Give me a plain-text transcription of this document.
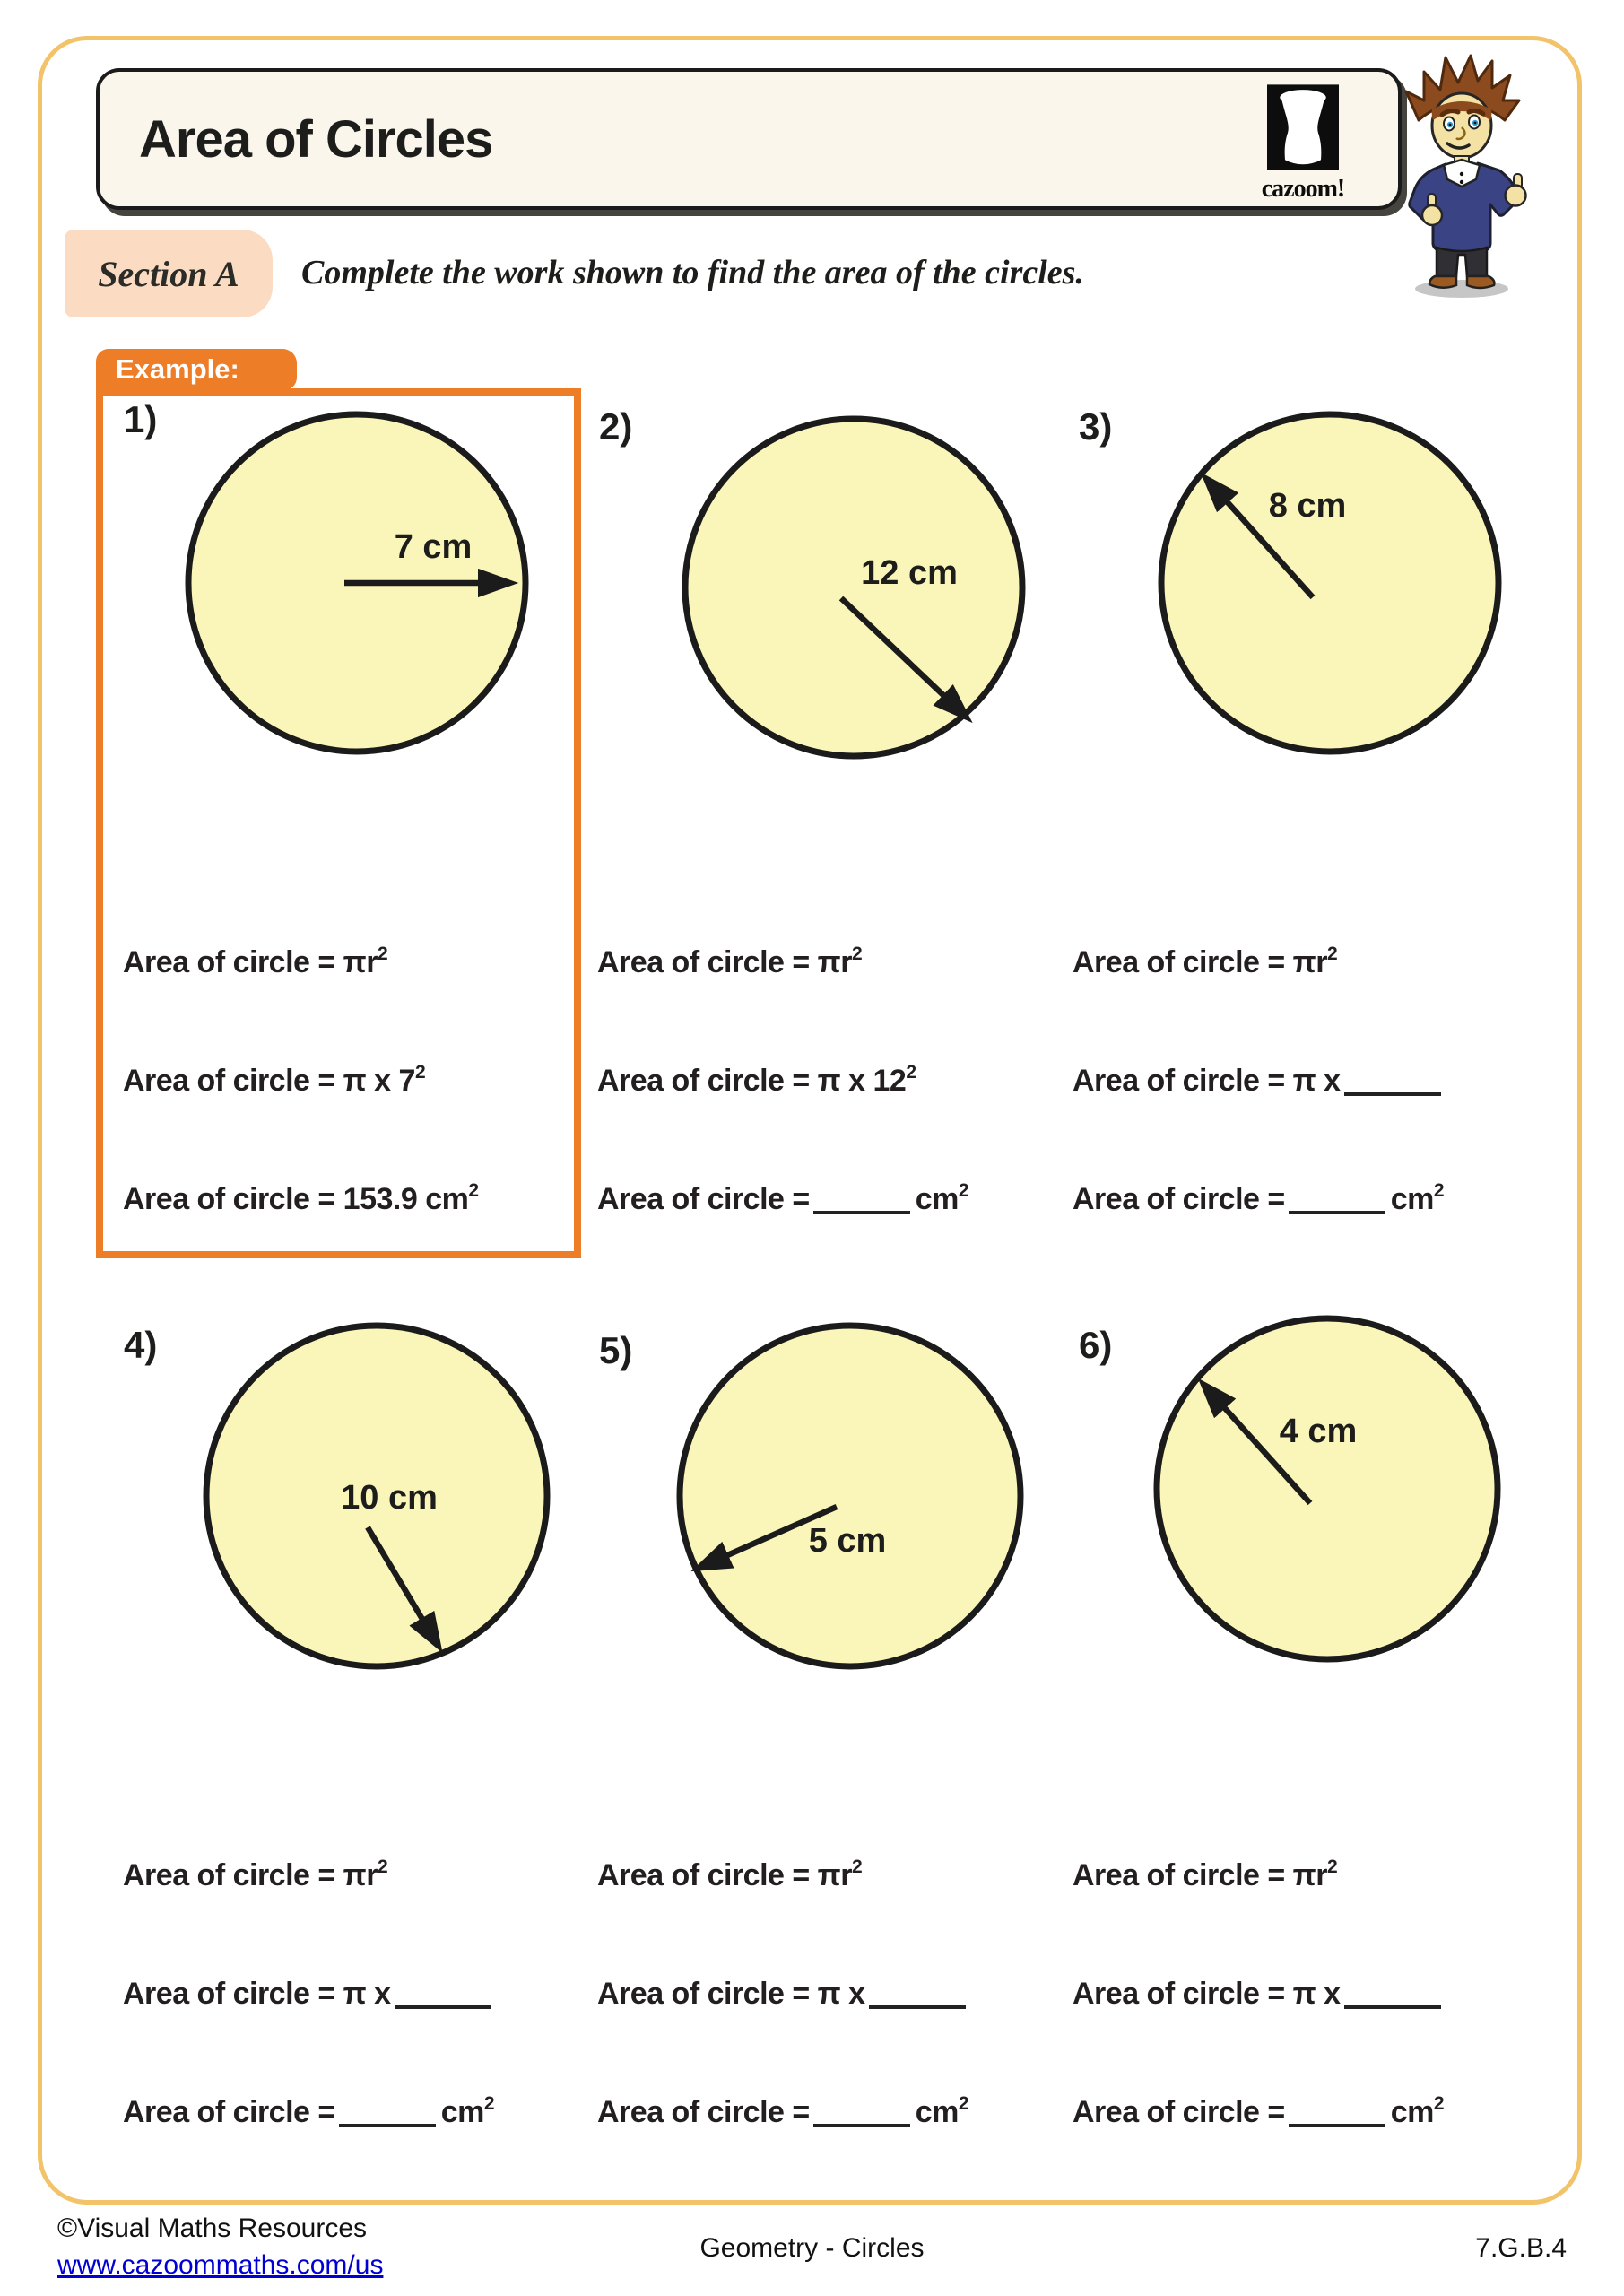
Area of Circles
cazoom!
Section A Complete the work shown to find the area of the circles.
Example:
1)	2)	3)
4)	5)	6)
7 cm
12 cm
8 cm
10 cm
5 cm
4 cm
Area of circle = $\pi r^2$	Area of circle = $\pi r^2$	Area of circle = $\pi r^2$
Area of circle = π x $7^2$	Area of circle = π x $12^2$	Area of circle = π x
Area of circle = 153.9 $cm^2$	Area of circle =	$cm^2$	Area of circle =	$cm^2$
Area of circle = $\pi r^2$	Area of circle = $\pi r^2$	Area of circle = $\pi r^2$
Area of circle = π x	Area of circle = π x	Area of circle = π x
Area of circle =	$cm^2$	Area of circle =	$cm^2$	Area of circle =	$cm^2$
©Visual Maths Resources
www.cazoommaths.com/us
Geometry - Circles	7.G.B.4
